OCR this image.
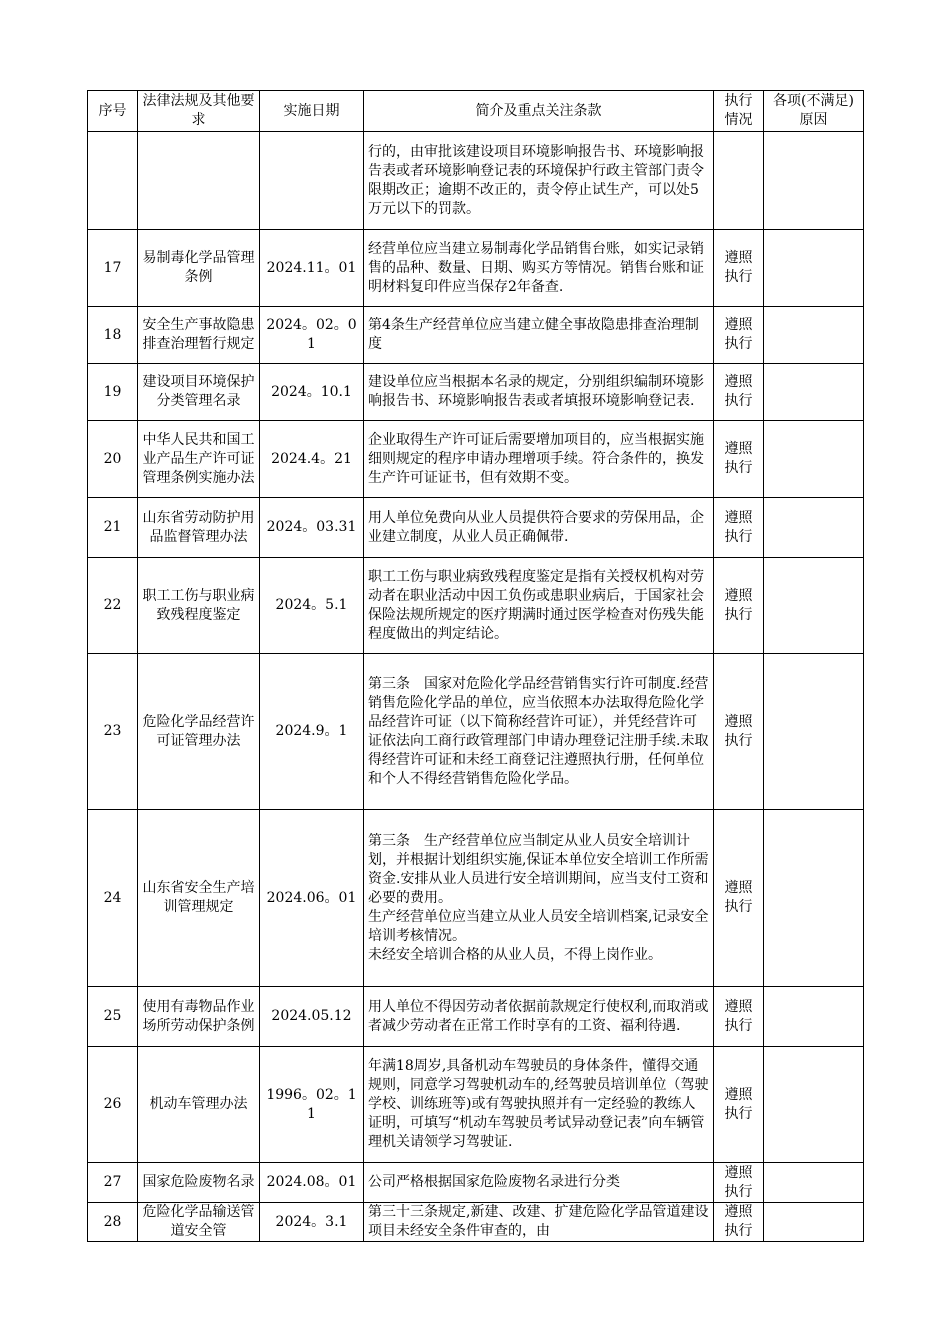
序号	法律法规及其他要求	实施日期	简介及重点关注条款	执行情况	各项(不满足)原因
			行的，由审批该建设项目环境影响报告书、环境影响报告表或者环境影响登记表的环境保护行政主管部门责令限期改正；逾期不改正的，责令停止试生产，可以处5万元以下的罚款。		
17	易制毒化学品管理条例	2024.11。01	经营单位应当建立易制毒化学品销售台账，如实记录销售的品种、数量、日期、购买方等情况。销售台账和证明材料复印件应当保存2年备查.	遵照执行	
18	安全生产事故隐患排查治理暂行规定	2024。02。01	第4条生产经营单位应当建立健全事故隐患排查治理制度	遵照执行	
19	建设项目环境保护分类管理名录	2024。10.1	建设单位应当根据本名录的规定，分别组织编制环境影响报告书、环境影响报告表或者填报环境影响登记表.	遵照执行	
20	中华人民共和国工业产品生产许可证管理条例实施办法	2024.4。21	企业取得生产许可证后需要增加项目的，应当根据实施细则规定的程序申请办理增项手续。符合条件的，换发生产许可证证书，但有效期不变。	遵照执行	
21	山东省劳动防护用品监督管理办法	2024。03.31	用人单位免费向从业人员提供符合要求的劳保用品，企业建立制度，从业人员正确佩带.	遵照执行	
22	职工工伤与职业病致残程度鉴定	2024。5.1	职工工伤与职业病致残程度鉴定是指有关授权机构对劳动者在职业活动中因工负伤或患职业病后，于国家社会保险法规所规定的医疗期满时通过医学检查对伤残失能程度做出的判定结论。	遵照执行	
23	危险化学品经营许可证管理办法	2024.9。1	第三条　国家对危险化学品经营销售实行许可制度.经营销售危险化学品的单位，应当依照本办法取得危险化学品经营许可证（以下简称经营许可证），并凭经营许可证依法向工商行政管理部门申请办理登记注册手续.未取得经营许可证和未经工商登记注遵照执行册，任何单位和个人不得经营销售危险化学品。	遵照执行	
24	山东省安全生产培训管理规定	2024.06。01	第三条　生产经营单位应当制定从业人员安全培训计划，并根据计划组织实施,保证本单位安全培训工作所需资金.安排从业人员进行安全培训期间，应当支付工资和必要的费用。
生产经营单位应当建立从业人员安全培训档案,记录安全培训考核情况。
未经安全培训合格的从业人员，不得上岗作业。	遵照执行	
25	使用有毒物品作业场所劳动保护条例	2024.05.12	用人单位不得因劳动者依据前款规定行使权利,而取消或者减少劳动者在正常工作时享有的工资、福利待遇.	遵照执行	
26	机动车管理办法	1996。02。11	年满18周岁,具备机动车驾驶员的身体条件，懂得交通规则，同意学习驾驶机动车的,经驾驶员培训单位（驾驶学校、训练班等)或有驾驶执照并有一定经验的教练人证明，可填写“机动车驾驶员考试异动登记表”向车辆管理机关请领学习驾驶证.	遵照执行	
27	国家危险废物名录	2024.08。01	公司严格根据国家危险废物名录进行分类	遵照执行	
28	危险化学品输送管道安全管	2024。3.1	第三十三条规定,新建、改建、扩建危险化学品管道建设项目未经安全条件审查的，由	遵照执行	
